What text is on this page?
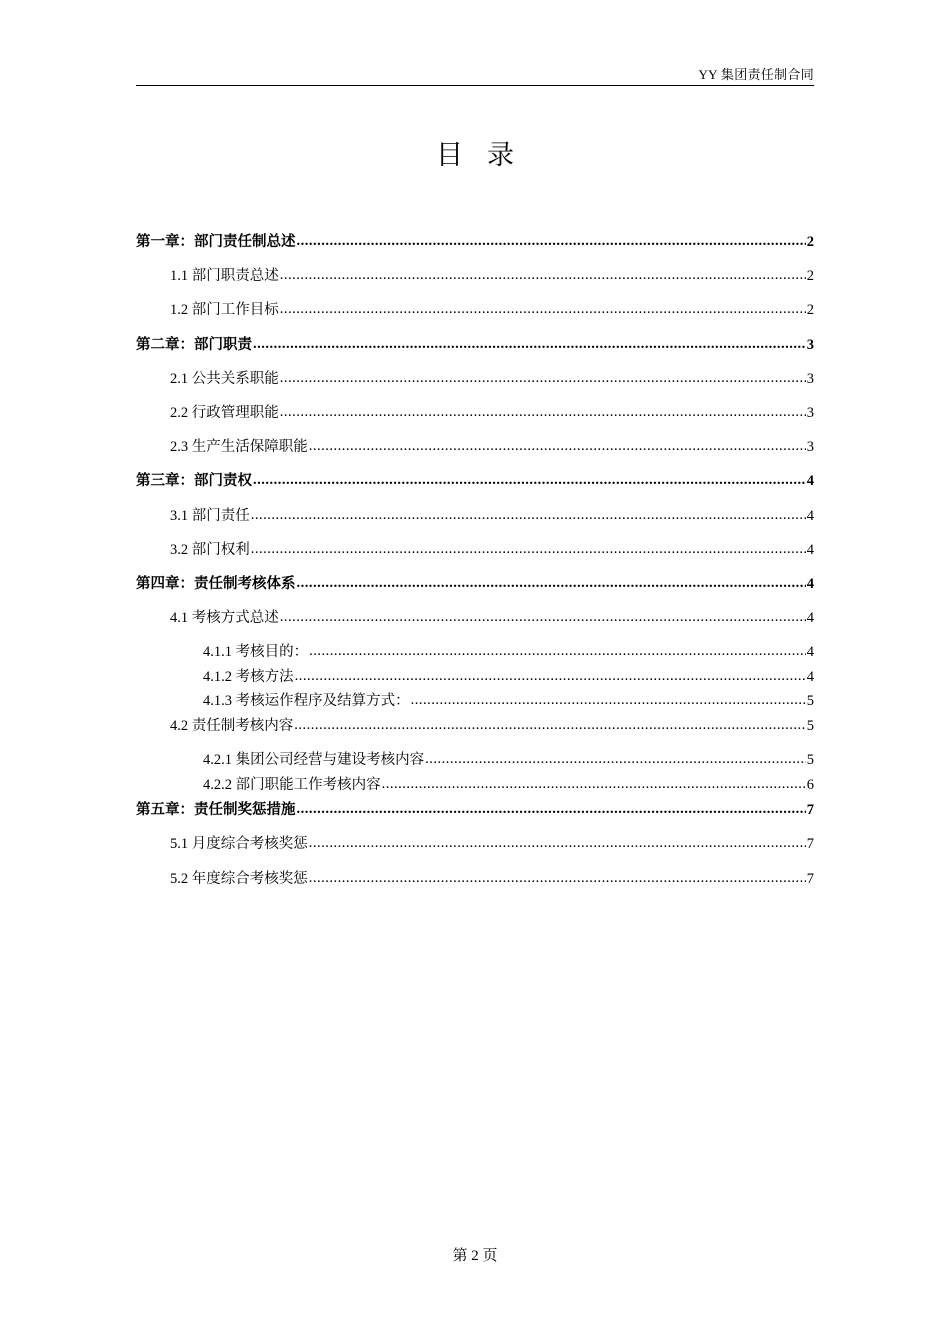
YY 集团责任制合同
目录
第一章：部门责任制总述 .....	2
1.1 部门职责总述 .....	2
1.2 部门工作目标 .....	2
第二章：部门职责 .....	3
2.1 公共关系职能 .....	3
2.2 行政管理职能 .....	3
2.3 生产生活保障职能 .....	3
第三章：部门责权 .....	4
3.1 部门责任 .....	4
3.2 部门权利 .....	4
第四章：责任制考核体系 .....	4
4.1 考核方式总述 .....	4
4.1.1 考核目的： .....	4
4.1.2 考核方法 .....	4
4.1.3 考核运作程序及结算方式： .....	5
4.2 责任制考核内容 .....	5
4.2.1 集团公司经营与建设考核内容 .....	5
4.2.2 部门职能工作考核内容 .....	6
第五章：责任制奖惩措施 .....	7
5.1 月度综合考核奖惩 .....	7
5.2 年度综合考核奖惩 .....	7
第 2 页
